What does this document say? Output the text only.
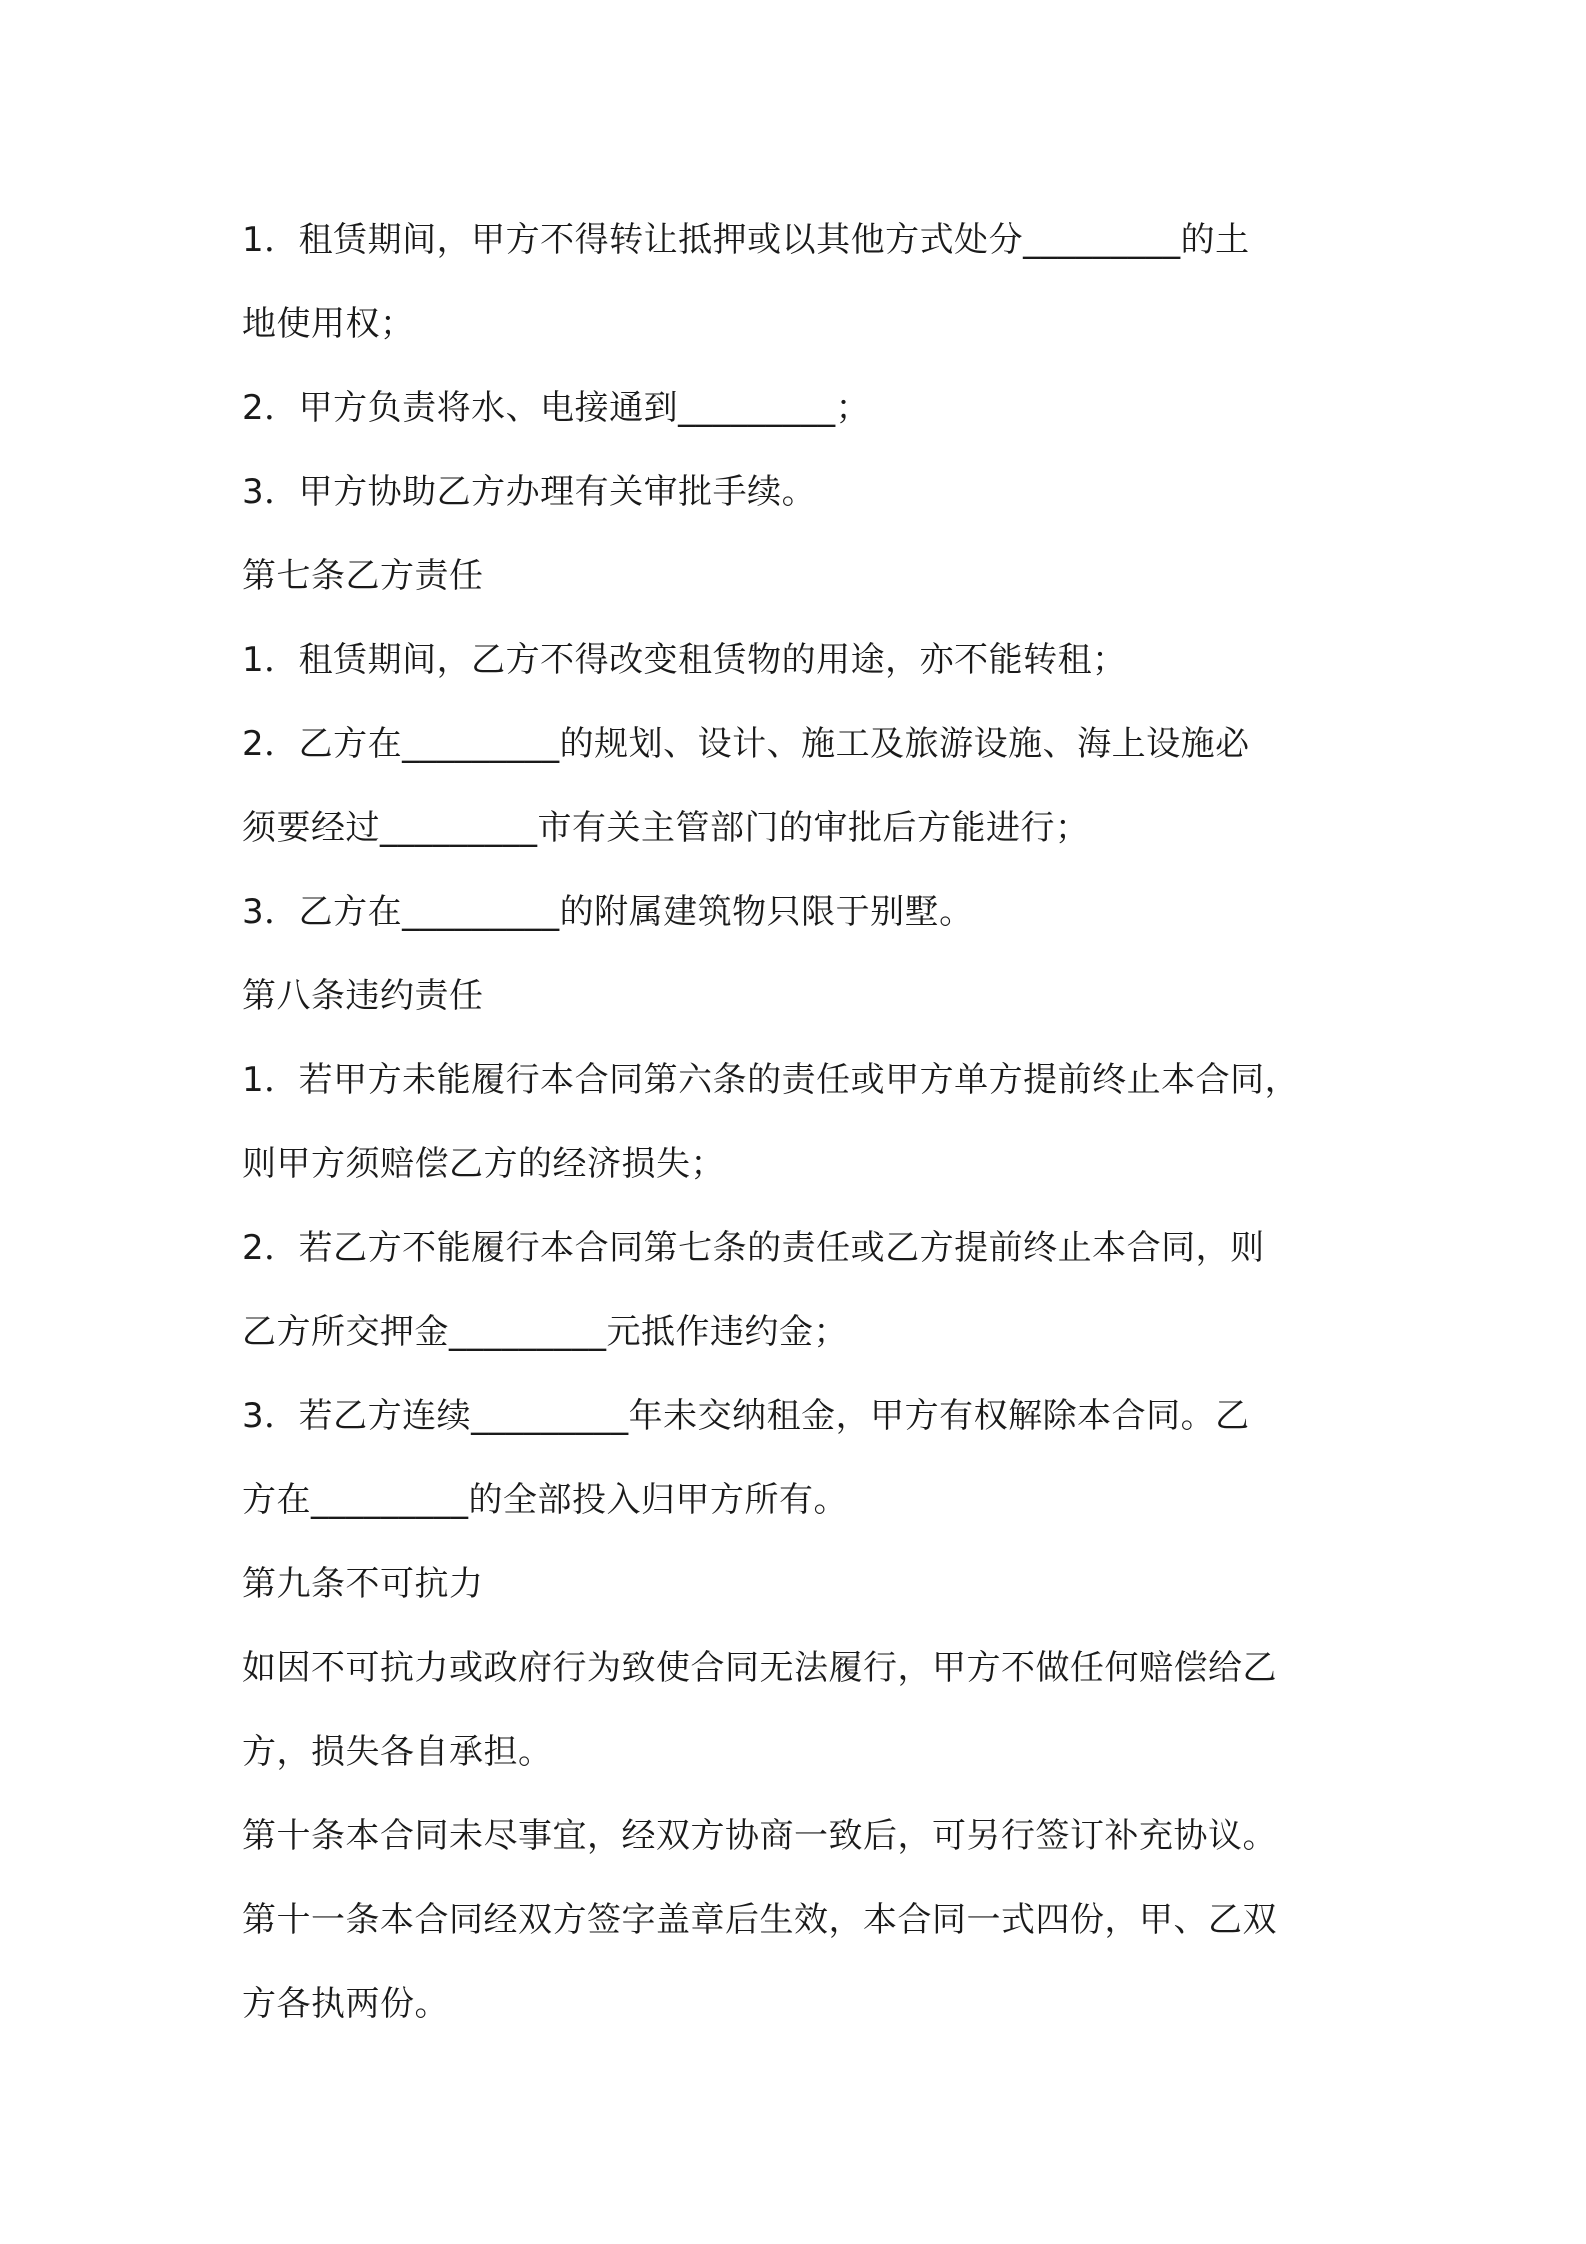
1．租赁期间，甲方不得转让抵押或以其他方式处分_________的土
地使用权；
2．甲方负责将水、电接通到_________；
3．甲方协助乙方办理有关审批手续。
第七条乙方责任
1．租赁期间，乙方不得改变租赁物的用途，亦不能转租；
2．乙方在_________的规划、设计、施工及旅游设施、海上设施必
须要经过_________市有关主管部门的审批后方能进行；
3．乙方在_________的附属建筑物只限于别墅。
第八条违约责任
1．若甲方未能履行本合同第六条的责任或甲方单方提前终止本合同，
则甲方须赔偿乙方的经济损失；
2．若乙方不能履行本合同第七条的责任或乙方提前终止本合同，则
乙方所交押金_________元抵作违约金；
3．若乙方连续_________年未交纳租金，甲方有权解除本合同。乙
方在_________的全部投入归甲方所有。
第九条不可抗力
如因不可抗力或政府行为致使合同无法履行，甲方不做任何赔偿给乙
方，损失各自承担。
第十条本合同未尽事宜，经双方协商一致后，可另行签订补充协议。
第十一条本合同经双方签字盖章后生效，本合同一式四份，甲、乙双
方各执两份。
